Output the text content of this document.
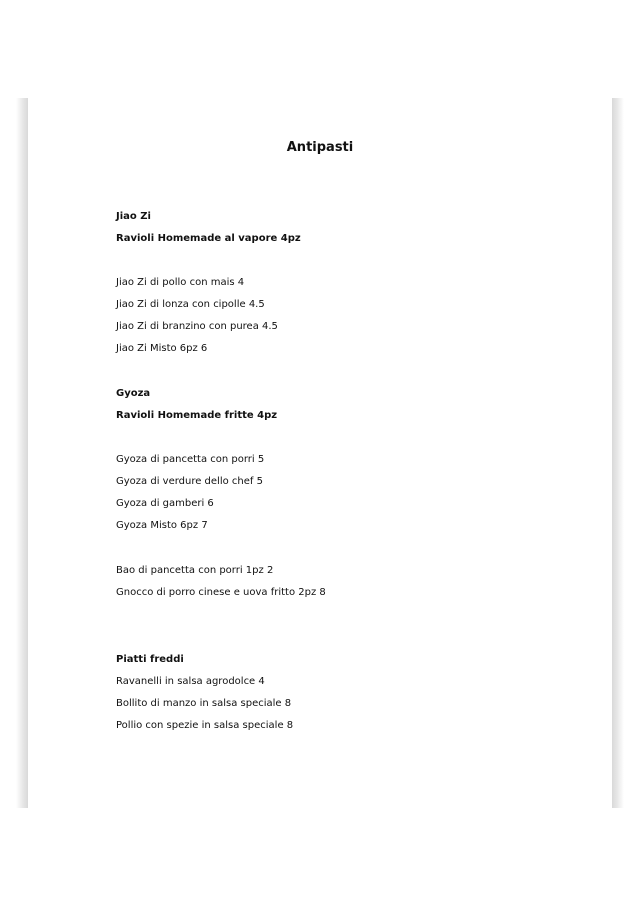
Antipasti
Jiao Zi
Ravioli Homemade al vapore 4pz
Jiao Zi di pollo con mais 4
Jiao Zi di lonza con cipolle 4.5
Jiao Zi di branzino con purea 4.5
Jiao Zi Misto 6pz 6
Gyoza
Ravioli Homemade fritte 4pz
Gyoza di pancetta con porri 5
Gyoza di verdure dello chef 5
Gyoza di gamberi 6
Gyoza Misto 6pz 7
Bao di pancetta con porri 1pz 2
Gnocco di porro cinese e uova fritto 2pz 8
Piatti freddi
Ravanelli in salsa agrodolce 4
Bollito di manzo in salsa speciale 8
Pollio con spezie in salsa speciale 8
